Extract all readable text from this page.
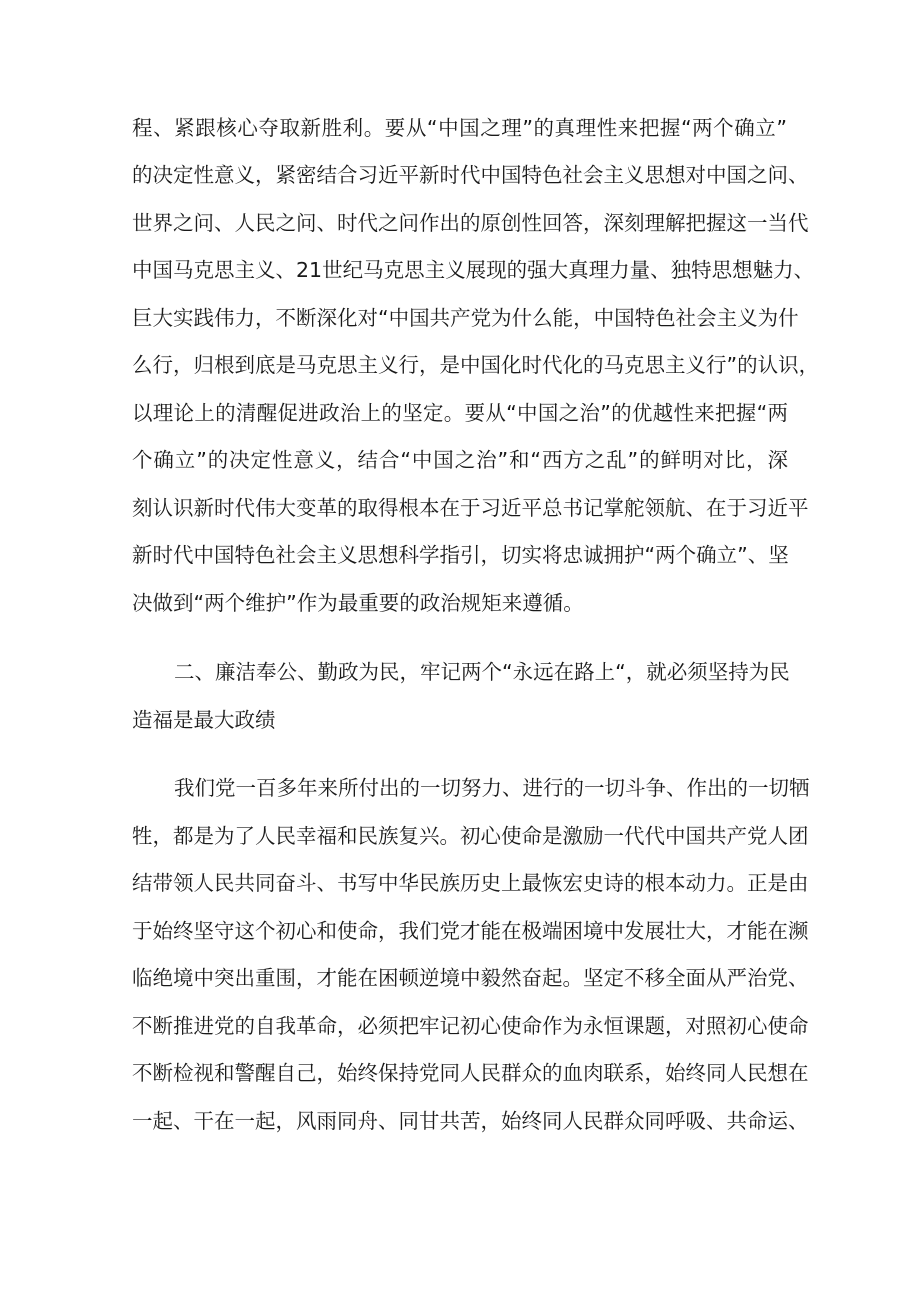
程、紧跟核心夺取新胜利。要从“中国之理”的真理性来把握“两个确立”
的决定性意义，紧密结合习近平新时代中国特色社会主义思想对中国之问、
世界之问、人民之问、时代之问作出的原创性回答，深刻理解把握这一当代
中国马克思主义、21世纪马克思主义展现的强大真理力量、独特思想魅力、
巨大实践伟力，不断深化对“中国共产党为什么能，中国特色社会主义为什
么行，归根到底是马克思主义行，是中国化时代化的马克思主义行”的认识，
以理论上的清醒促进政治上的坚定。要从“中国之治”的优越性来把握“两
个确立”的决定性意义，结合“中国之治”和“西方之乱”的鲜明对比，深
刻认识新时代伟大变革的取得根本在于习近平总书记掌舵领航、在于习近平
新时代中国特色社会主义思想科学指引，切实将忠诚拥护“两个确立”、坚
决做到“两个维护”作为最重要的政治规矩来遵循。
二、廉洁奉公、勤政为民，牢记两个“永远在路上“，就必须坚持为民
造福是最大政绩
我们党一百多年来所付出的一切努力、进行的一切斗争、作出的一切牺
牲，都是为了人民幸福和民族复兴。初心使命是激励一代代中国共产党人团
结带领人民共同奋斗、书写中华民族历史上最恢宏史诗的根本动力。正是由
于始终坚守这个初心和使命，我们党才能在极端困境中发展壮大，才能在濒
临绝境中突出重围，才能在困顿逆境中毅然奋起。坚定不移全面从严治党、
不断推进党的自我革命，必须把牢记初心使命作为永恒课题，对照初心使命
不断检视和警醒自己，始终保持党同人民群众的血肉联系，始终同人民想在
一起、干在一起，风雨同舟、同甘共苦，始终同人民群众同呼吸、共命运、
